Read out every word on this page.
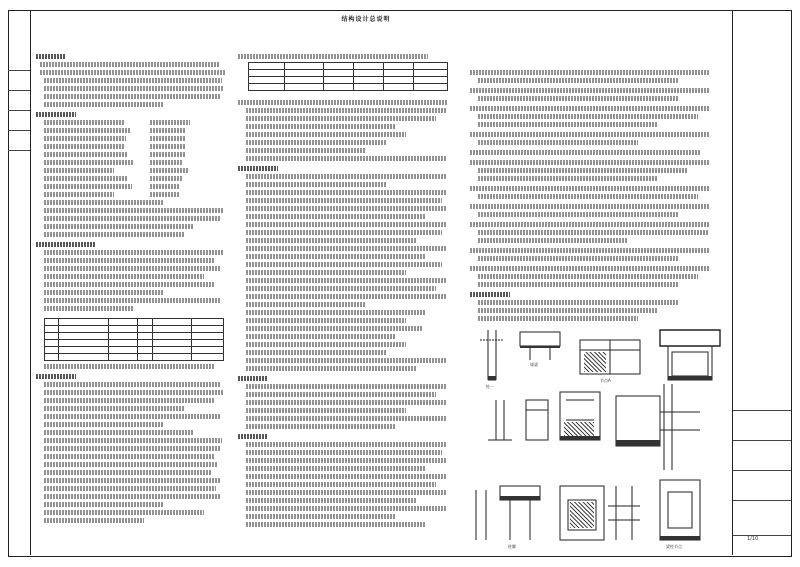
1/10
结构设计总说明

柱一
墙梁
节点A
柱脚	梁柱节点
